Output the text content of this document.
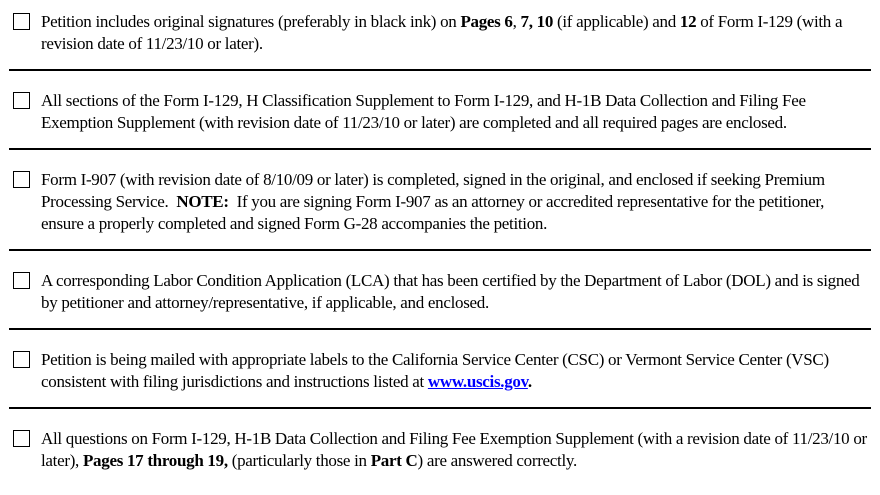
Petition includes original signatures (preferably in black ink) on Pages 6, 7, 10 (if applicable) and 12 of Form I-129 (with a revision date of 11/23/10 or later).

All sections of the Form I-129, H Classification Supplement to Form I-129, and H-1B Data Collection and Filing Fee Exemption Supplement (with revision date of 11/23/10 or later) are completed and all required pages are enclosed.

Form I-907 (with revision date of 8/10/09 or later) is completed, signed in the original, and enclosed if seeking Premium Processing Service.  NOTE:  If you are signing Form I-907 as an attorney or accredited representative for the petitioner, ensure a properly completed and signed Form G-28 accompanies the petition.

A corresponding Labor Condition Application (LCA) that has been certified by the Department of Labor (DOL) and is signed by petitioner and attorney/representative, if applicable, and enclosed.

Petition is being mailed with appropriate labels to the California Service Center (CSC) or Vermont Service Center (VSC) consistent with filing jurisdictions and instructions listed at www.uscis.gov.

All questions on Form I-129, H-1B Data Collection and Filing Fee Exemption Supplement (with a revision date of 11/23/10 or later), Pages 17 through 19, (particularly those in Part C) are answered correctly.
